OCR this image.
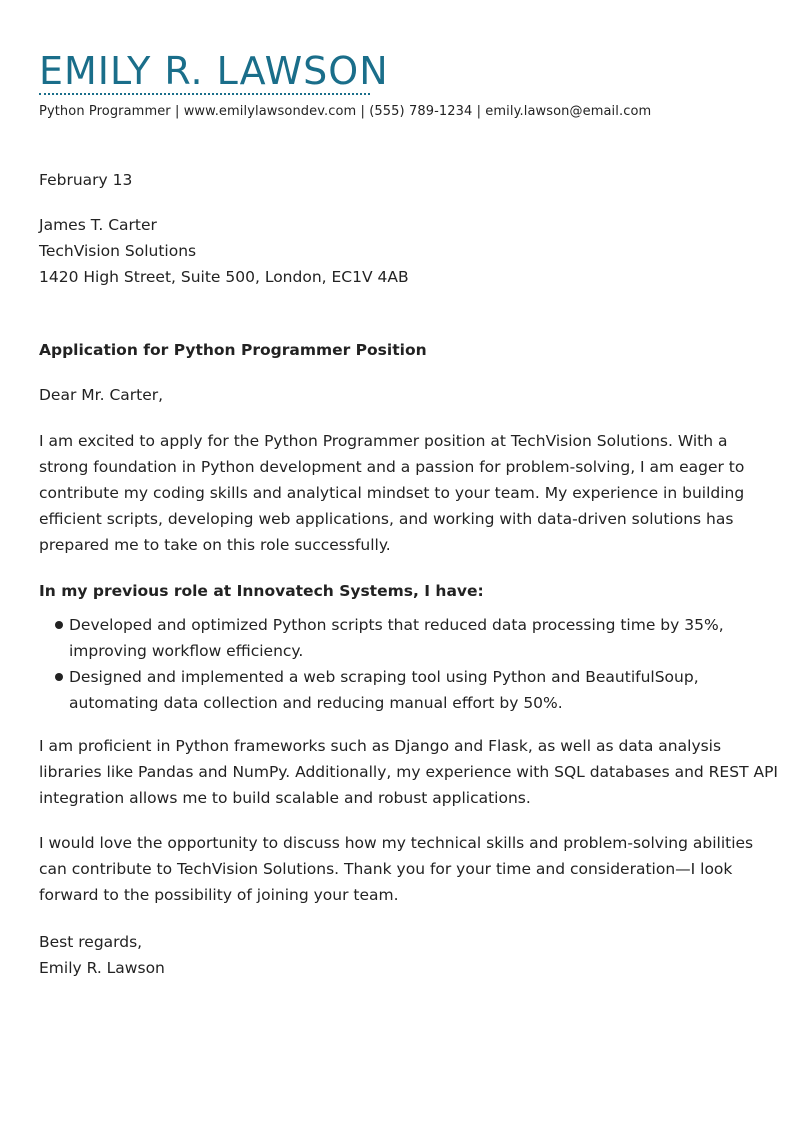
EMILY R. LAWSON
Python Programmer | www.emilylawsondev.com | (555) 789-1234 | emily.lawson@email.com
February 13
James T. Carter
TechVision Solutions
1420 High Street, Suite 500, London, EC1V 4AB
Application for Python Programmer Position
Dear Mr. Carter,
I am excited to apply for the Python Programmer position at TechVision Solutions. With a strong foundation in Python development and a passion for problem-solving, I am eager to contribute my coding skills and analytical mindset to your team. My experience in building efficient scripts, developing web applications, and working with data-driven solutions has prepared me to take on this role successfully.
In my previous role at Innovatech Systems, I have:
Developed and optimized Python scripts that reduced data processing time by 35%, improving workflow efficiency.
Designed and implemented a web scraping tool using Python and BeautifulSoup, automating data collection and reducing manual effort by 50%.
I am proficient in Python frameworks such as Django and Flask, as well as data analysis libraries like Pandas and NumPy. Additionally, my experience with SQL databases and REST API integration allows me to build scalable and robust applications.
I would love the opportunity to discuss how my technical skills and problem-solving abilities can contribute to TechVision Solutions. Thank you for your time and consideration—I look forward to the possibility of joining your team.
Best regards,
Emily R. Lawson
